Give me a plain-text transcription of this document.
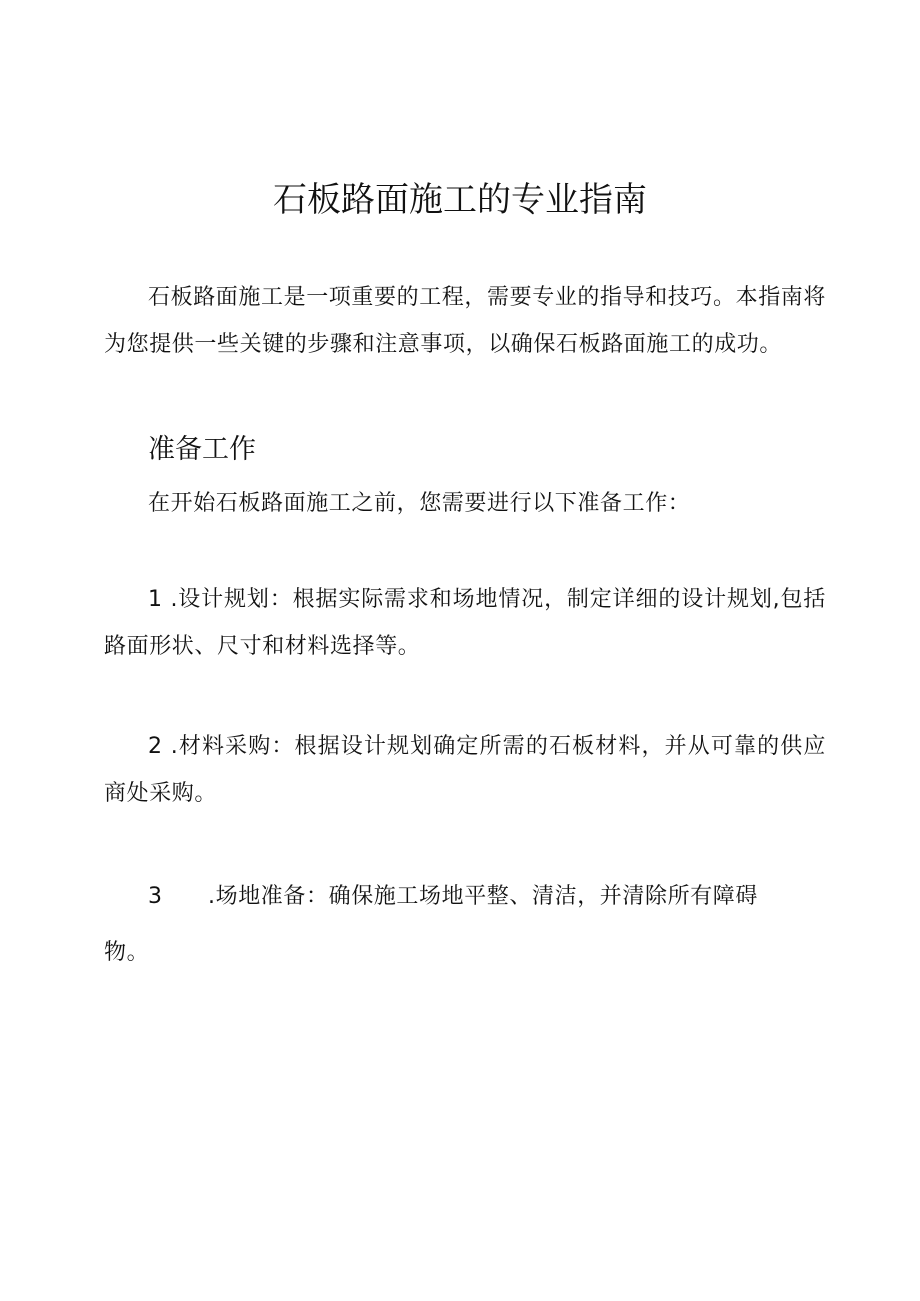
石板路面施工的专业指南

石板路面施工是一项重要的工程，需要专业的指导和技巧。本指南将为您提供一些关键的步骤和注意事项，以确保石板路面施工的成功。

准备工作

在开始石板路面施工之前，您需要进行以下准备工作：

1 .设计规划：根据实际需求和场地情况，制定详细的设计规划,包括路面形状、尺寸和材料选择等。

2 .材料采购：根据设计规划确定所需的石板材料，并从可靠的供应商处采购。

3 .场地准备：确保施工场地平整、清洁，并清除所有障碍
物。
